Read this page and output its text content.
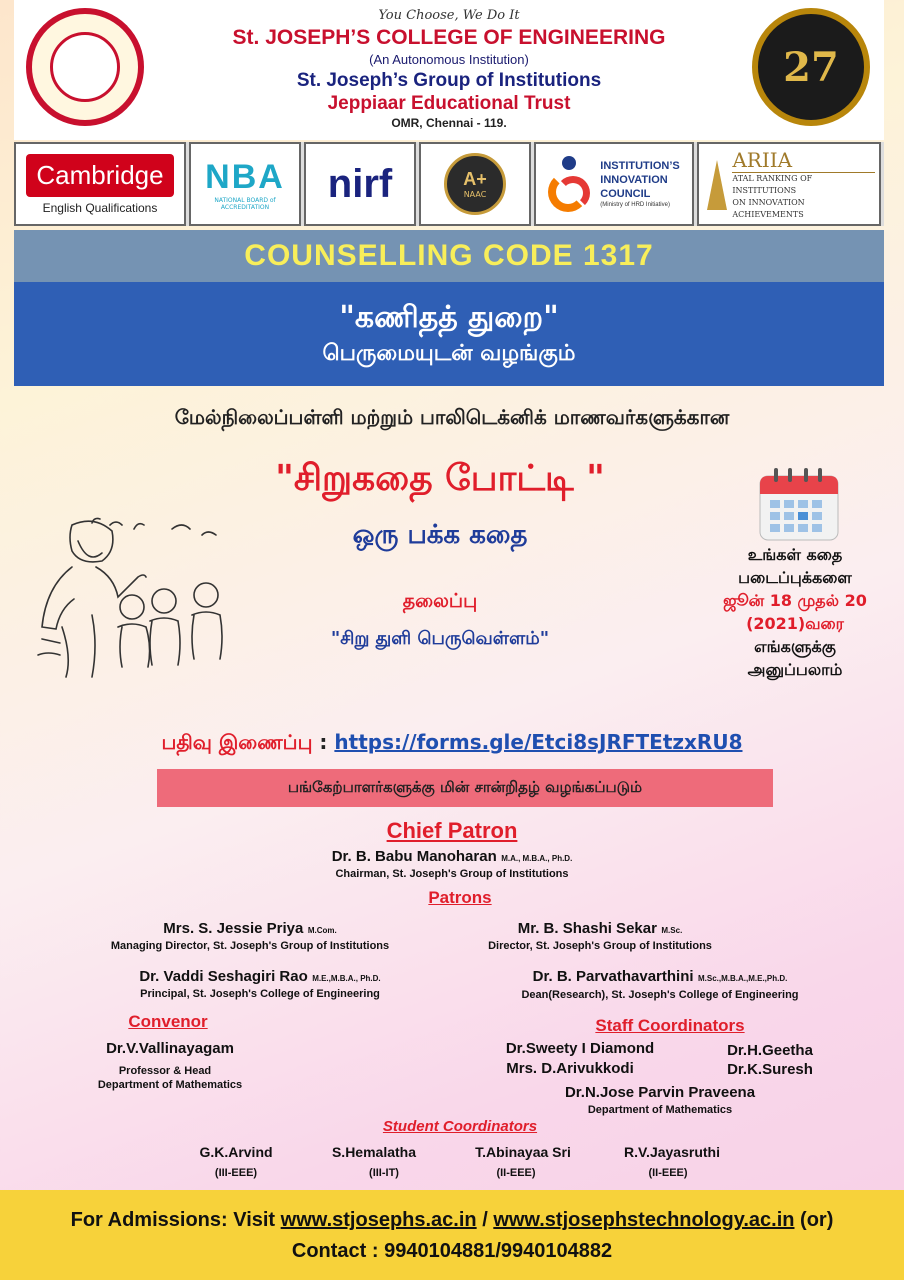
You Choose, We Do It
St. JOSEPH’S COLLEGE OF ENGINEERING
(An Autonomous Institution)
St. Joseph’s Group of Institutions
Jeppiaar Educational Trust
OMR, Chennai - 119.
27
Cambridge
English Qualifications
NBA
NATIONAL BOARD of ACCREDITATION
nirf	A+
NAAC
INSTITUTION’S
INNOVATION
COUNCIL
(Ministry of HRD Initiative)
ARIIA
ATAL RANKING OF INSTITUTIONS
ON INNOVATION ACHIEVEMENTS
COUNSELLING CODE 1317
"கணிதத் துறை"
பெருமையுடன் வழங்கும்
மேல்நிலைப்பள்ளி மற்றும் பாலிடெக்னிக் மாணவர்களுக்கான
"சிறுகதை போட்டி "
ஒரு பக்க கதை
தலைப்பு
"சிறு துளி பெருவெள்ளம்"
உங்கள் கதை
படைப்புக்களை
ஜூன் 18 முதல் 20
(2021)வரை
எங்களுக்கு
அனுப்பலாம்
பதிவு இணைப்பு : https://forms.gle/Etci8sJRFTEtzxRU8
பங்கேற்பாளர்களுக்கு மின் சான்றிதழ் வழங்கப்படும்
Chief Patron
Dr. B. Babu Manoharan M.A., M.B.A., Ph.D.
Chairman, St. Joseph's Group of Institutions
Patrons
Mrs. S. Jessie Priya M.Com.
Managing Director, St. Joseph's Group of Institutions
Mr. B. Shashi Sekar M.Sc.
Director, St. Joseph's Group of Institutions
Dr. Vaddi Seshagiri Rao M.E.,M.B.A., Ph.D.
Principal, St. Joseph's College of Engineering
Dr. B. Parvathavarthini M.Sc.,M.B.A.,M.E.,Ph.D.
Dean(Research), St. Joseph's College of Engineering
Convenor
Dr.V.Vallinayagam
Professor & Head
Department of Mathematics
Staff Coordinators
Dr.Sweety I Diamond
Mrs. D.Arivukkodi
Dr.H.Geetha
Dr.K.Suresh
Dr.N.Jose Parvin Praveena
Department of Mathematics
Student Coordinators
G.K.Arvind
(III-EEE)
S.Hemalatha
(III-IT)
T.Abinayaa Sri
(II-EEE)
R.V.Jayasruthi
(II-EEE)
For Admissions: Visit www.stjosephs.ac.in / www.stjosephstechnology.ac.in (or)
Contact : 9940104881/9940104882
